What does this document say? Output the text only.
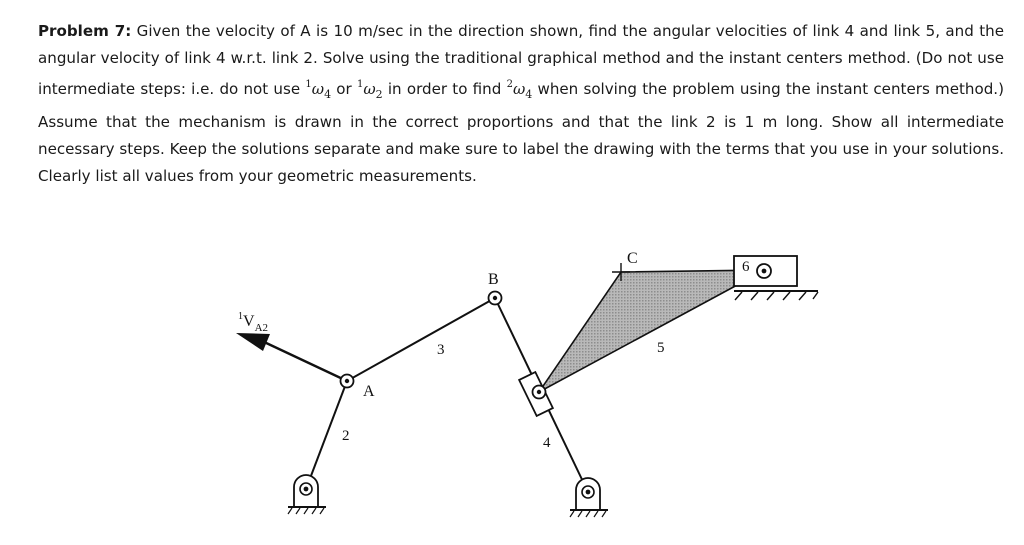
Problem 7: Given the velocity of A is 10 m/sec in the direction shown, find the angular velocities of link 4 and link 5, and the angular velocity of link 4 w.r.t. link 2. Solve using the traditional graphical method and the instant centers method. (Do not use intermediate steps: i.e. do not use $^1\omega_4$ or $^1\omega_2$ in order to find $^2\omega_4$ when solving the problem using the instant centers method.) Assume that the mechanism is drawn in the correct proportions and that the link 2 is 1 m long. Show all intermediate necessary steps. Keep the solutions separate and make sure to label the drawing with the terms that you use in your solutions. Clearly list all values from your geometric measurements.

$^1V_{A2}$
6
A
B
C
2
3
4
5
